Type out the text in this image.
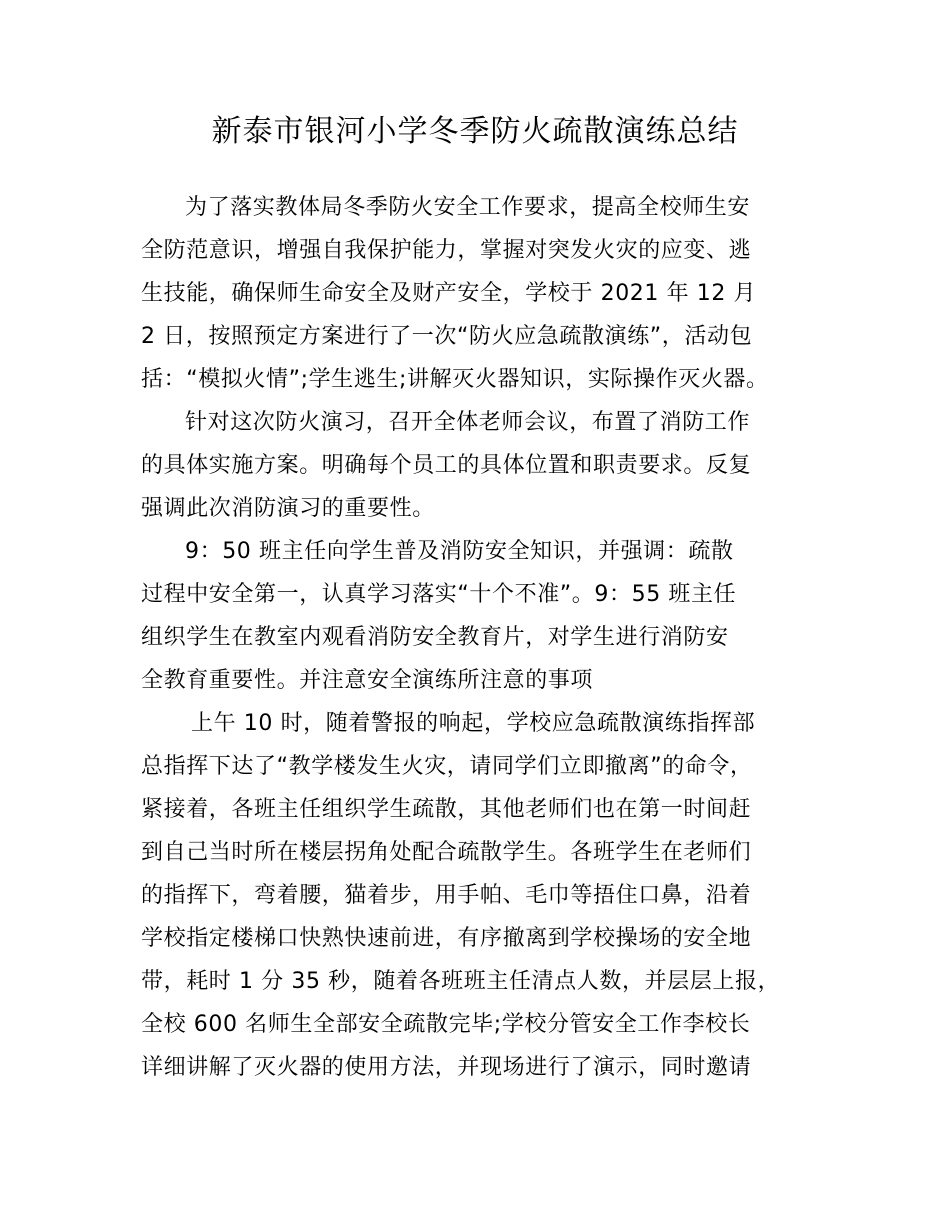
新泰市银河小学冬季防火疏散演练总结
为了落实教体局冬季防火安全工作要求，提高全校师生安
全防范意识，增强自我保护能力，掌握对突发火灾的应变、逃
生技能，确保师生命安全及财产安全，学校于 2021 年 12 月
2 日，按照预定方案进行了一次“防火应急疏散演练”，活动包
括：“模拟火情”;学生逃生;讲解灭火器知识，实际操作灭火器。
针对这次防火演习，召开全体老师会议，布置了消防工作
的具体实施方案。明确每个员工的具体位置和职责要求。反复
强调此次消防演习的重要性。
9：50 班主任向学生普及消防安全知识，并强调：疏散
过程中安全第一，认真学习落实“十个不准”。9：55 班主任
组织学生在教室内观看消防安全教育片，对学生进行消防安
全教育重要性。并注意安全演练所注意的事项
上午 10 时，随着警报的响起，学校应急疏散演练指挥部
总指挥下达了“教学楼发生火灾，请同学们立即撤离”的命令，
紧接着，各班主任组织学生疏散，其他老师们也在第一时间赶
到自己当时所在楼层拐角处配合疏散学生。各班学生在老师们
的指挥下，弯着腰，猫着步，用手帕、毛巾等捂住口鼻，沿着
学校指定楼梯口快熟快速前进，有序撤离到学校操场的安全地
带，耗时 1 分 35 秒，随着各班班主任清点人数，并层层上报，
全校 600 名师生全部安全疏散完毕;学校分管安全工作李校长
详细讲解了灭火器的使用方法，并现场进行了演示，同时邀请
